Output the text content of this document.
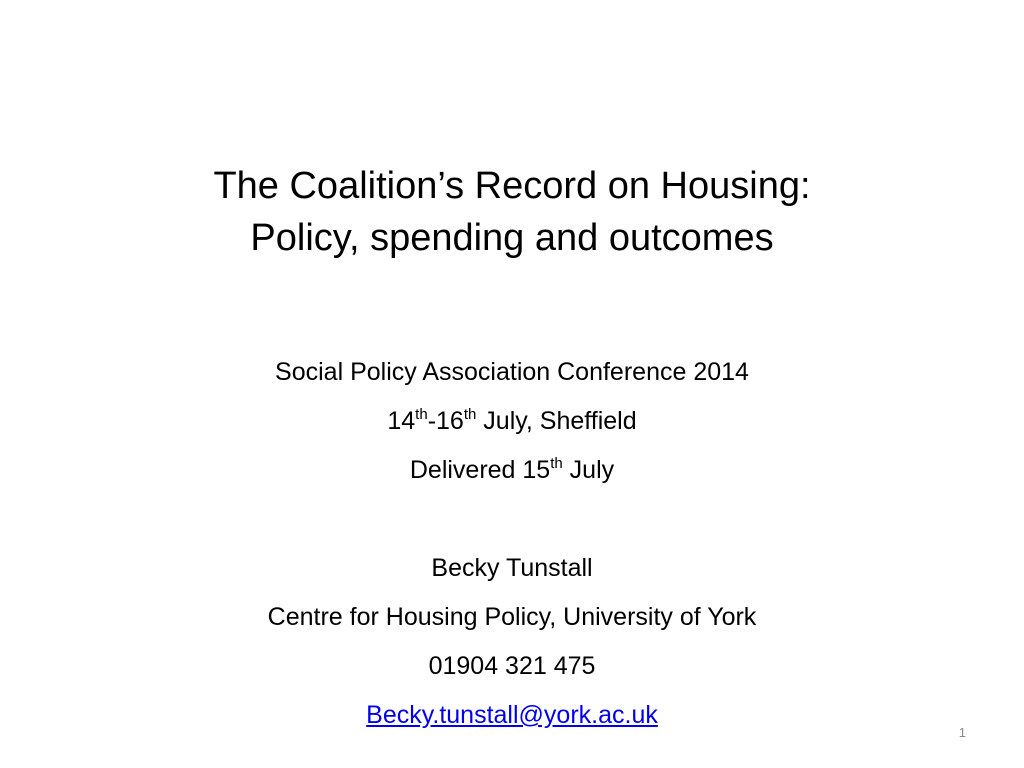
The Coalition’s Record on Housing:
Policy, spending and outcomes
Social Policy Association Conference 2014
14th-16th July, Sheffield
Delivered 15th July
Becky Tunstall
Centre for Housing Policy, University of York
01904 321 475
Becky.tunstall@york.ac.uk
1
